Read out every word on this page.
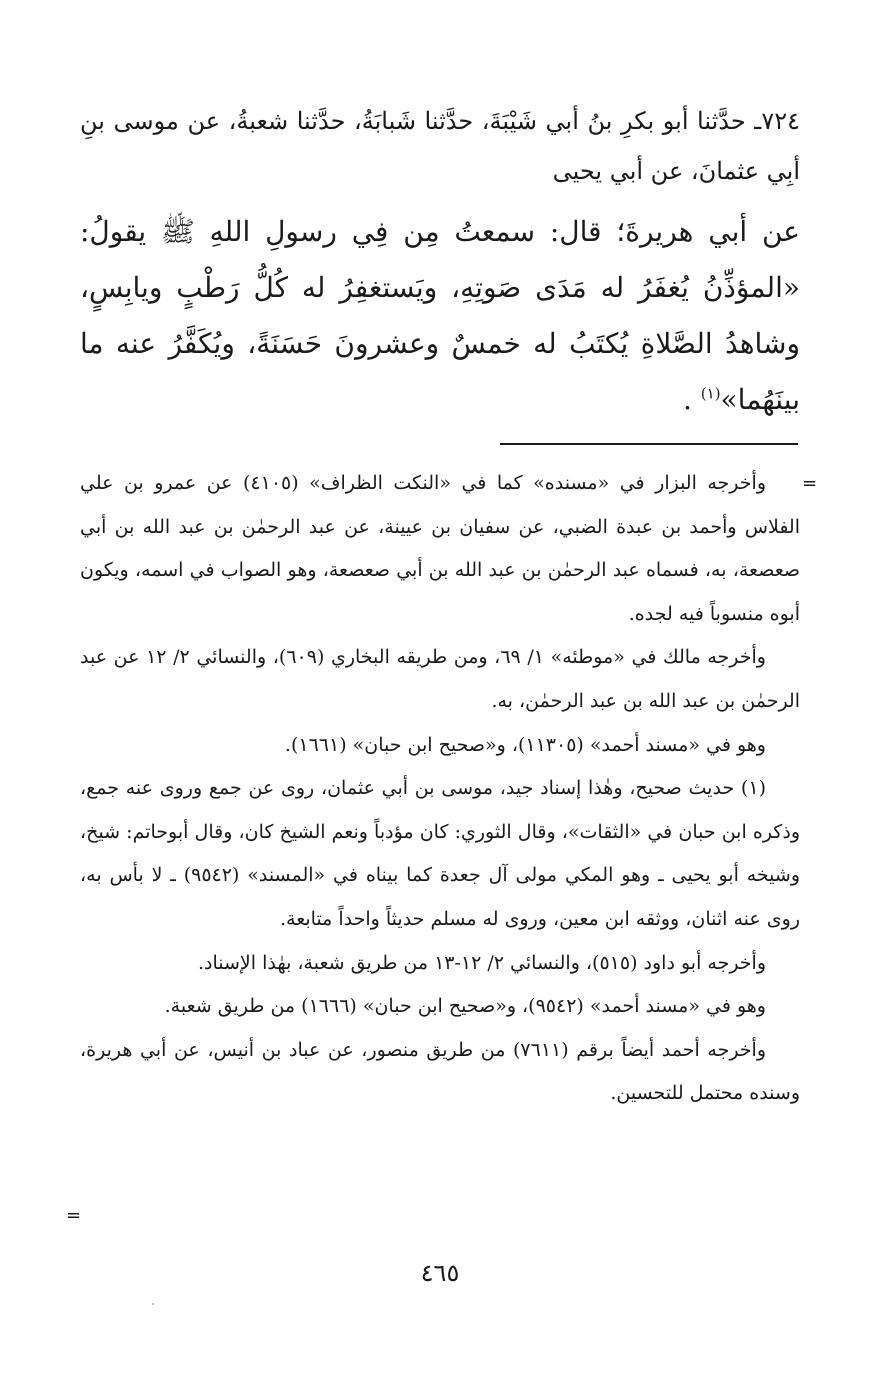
٧٢٤ـ حدَّثنا أبو بكرِ بنُ أبي شَيْبَةَ، حدَّثنا شَبابَةُ، حدَّثنا شعبةُ، عن موسى بنِ أبِي عثمانَ، عن أبي يحيى

عن أبي هريرةَ؛ قال: سمعتُ مِن فِي رسولِ اللهِ ﷺ يقولُ: «المؤذِّنُ يُغفَرُ له مَدَى صَوتِهِ، ويَستغفِرُ له كُلُّ رَطْبٍ ويابِسٍ، وشاهدُ الصَّلاةِ يُكتَبُ له خمسٌ وعشرونَ حَسَنَةً، ويُكَفَّرُ عنه ما بينَهُما»$^{(١)}$ .

=

وأخرجه البزار في «مسنده» كما في «النكت الظراف» (٤١٠٥) عن عمرو بن علي الفلاس وأحمد بن عبدة الضبي، عن سفيان بن عيينة، عن عبد الرحمٰن بن عبد الله بن أبي صعصعة، به، فسماه عبد الرحمٰن بن عبد الله بن أبي صعصعة، وهو الصواب في اسمه، ويكون أبوه منسوباً فيه لجده.

وأخرجه مالك في «موطئه» ١/ ٦٩، ومن طريقه البخاري (٦٠٩)، والنسائي ٢/ ١٢ عن عبد الرحمٰن بن عبد الله بن عبد الرحمٰن، به.

وهو في «مسند أحمد» (١١٣٠٥)، و«صحيح ابن حبان» (١٦٦١).

(١) حديث صحيح، وهٰذا إسناد جيد، موسى بن أبي عثمان، روى عن جمع وروى عنه جمع، وذكره ابن حبان في «الثقات»، وقال الثوري: كان مؤدباً ونعم الشيخ كان، وقال أبوحاتم: شيخ، وشيخه أبو يحيى ـ وهو المكي مولى آل جعدة كما بيناه في «المسند» (٩٥٤٢) ـ لا بأس به، روى عنه اثنان، ووثقه ابن معين، وروى له مسلم حديثاً واحداً متابعة.

وأخرجه أبو داود (٥١٥)، والنسائي ٢/ ١٢-١٣ من طريق شعبة، بهٰذا الإسناد.

وهو في «مسند أحمد» (٩٥٤٢)، و«صحيح ابن حبان» (١٦٦٦) من طريق شعبة.

وأخرجه أحمد أيضاً برقم (٧٦١١) من طريق منصور، عن عباد بن أنيس، عن أبي هريرة، وسنده محتمل للتحسين.

=
٤٦٥
